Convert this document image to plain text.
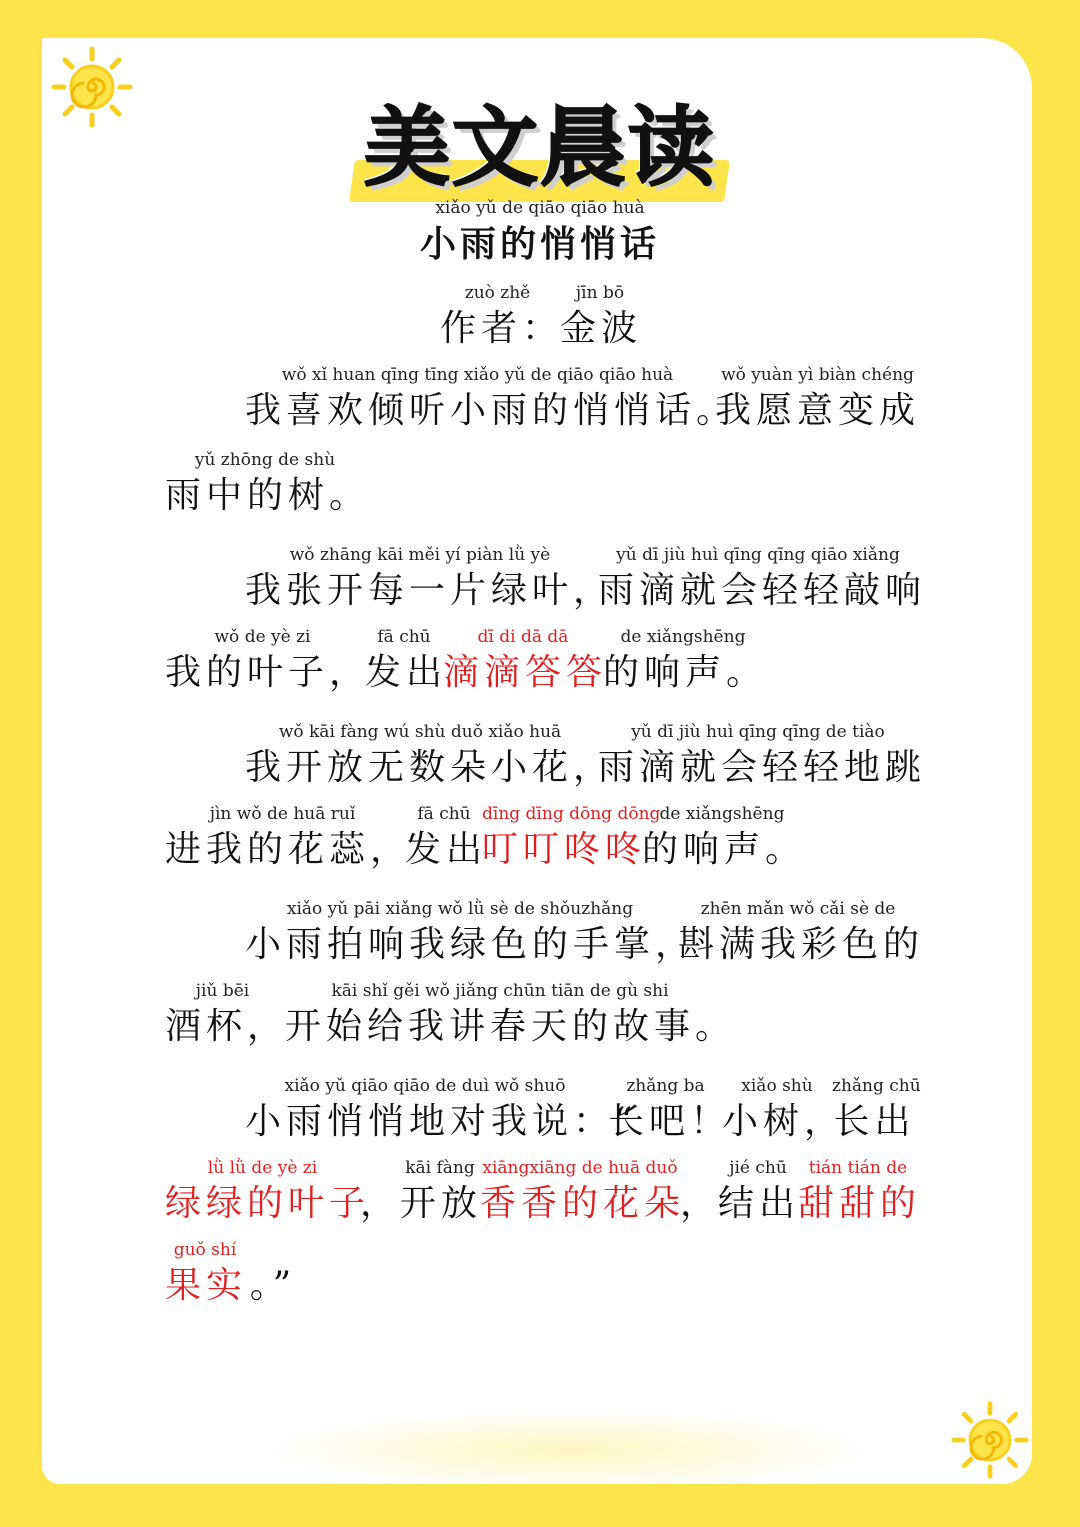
美文晨读
xiǎo yǔ de qiāo qiāo huà
小雨的悄悄话
zuò zhě
作者：
jīn bō
金波
wǒ xǐ huan qīng tīng xiǎo yǔ de qiāo qiāo huà
我喜欢倾听小雨的悄悄话。
wǒ yuàn yì biàn chéng
我愿意变成
yǔ zhōng de shù
雨中的树。
wǒ zhāng kāi měi yí piàn lǜ yè
我张开每一片绿叶，
yǔ dī jiù huì qīng qīng qiāo xiǎng
雨滴就会轻轻敲响
wǒ de yè zi
我的叶子，
fā chū
发出
dī di dā dā
滴滴答答
de xiǎngshēng
的响声。
wǒ kāi fàng wú shù duǒ xiǎo huā
我开放无数朵小花，
yǔ dī jiù huì qīng qīng de tiào
雨滴就会轻轻地跳
jìn wǒ de huā ruǐ
进我的花蕊，
fā chū
发出
dīng dīng dōng dōng
叮叮咚咚
de xiǎngshēng
的响声。
xiǎo yǔ pāi xiǎng wǒ lǜ sè de shǒuzhǎng
小雨拍响我绿色的手掌，
zhēn mǎn wǒ cǎi sè de
斟满我彩色的
jiǔ bēi
酒杯，
kāi shǐ gěi wǒ jiǎng chūn tiān de gù shi
开始给我讲春天的故事。
xiǎo yǔ qiāo qiāo de duì wǒ shuō
小雨悄悄地对我说：“
zhǎng ba
长吧！
xiǎo shù
小树，
zhǎng chū
长出
lǜ lǜ de yè zi
绿绿的叶子
，
kāi fàng
开放
xiāngxiāng de huā duǒ
香香的花朵
，
jié chū
结出
tián tián de
甜甜的
guǒ shí
果实 。”
